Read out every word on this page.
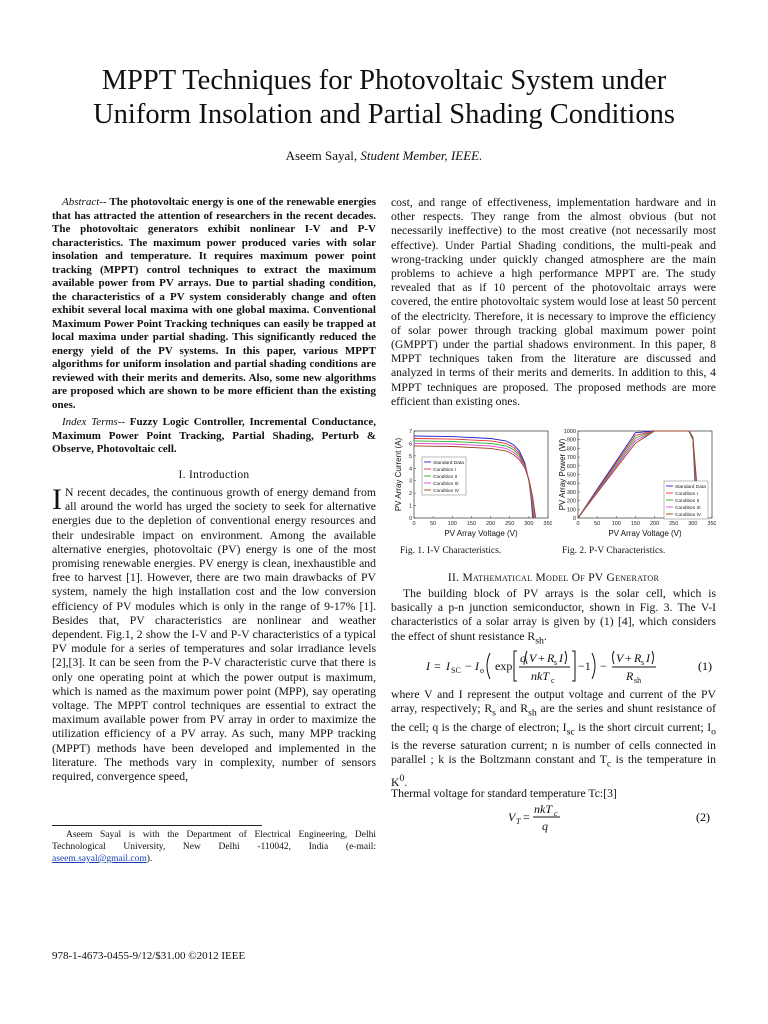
MPPT Techniques for Photovoltaic System under
Uniform Insolation and Partial Shading Conditions
Aseem Sayal, Student Member, IEEE.
Abstract-- The photovoltaic energy is one of the renewable energies that has attracted the attention of researchers in the recent decades. The photovoltaic generators exhibit nonlinear I-V and P-V characteristics. The maximum power produced varies with solar insolation and temperature. It requires maximum power point tracking (MPPT) control techniques to extract the maximum available power from PV arrays. Due to partial shading condition, the characteristics of a PV system considerably change and often exhibit several local maxima with one global maxima. Conventional Maximum Power Point Tracking techniques can easily be trapped at local maxima under partial shading. This significantly reduced the energy yield of the PV systems. In this paper, various MPPT algorithms for uniform insolation and partial shading conditions are reviewed with their merits and demerits. Also, some new algorithms are proposed which are shown to be more efficient than the existing ones.
Index Terms-- Fuzzy Logic Controller, Incremental Conductance, Maximum Power Point Tracking, Partial Shading, Perturb & Observe, Photovoltaic cell.
I. Introduction
I N recent decades, the continuous growth of energy demand from all around the world has urged the society to seek for alternative energies due to the depletion of conventional energy resources and their undesirable impact on environment. Among the available alternative energies, photovoltaic (PV) energy is one of the most promising renewable energies. PV energy is clean, inexhaustible and free to harvest [1]. However, there are two main drawbacks of PV system, namely the high installation cost and the low conversion efficiency of PV modules which is only in the range of 9-17% [1]. Besides that, PV characteristics are nonlinear and weather dependent. Fig.1, 2 show the I-V and P-V characteristics of a typical PV module for a series of temperatures and solar irradiance levels [2],[3]. It can be seen from the P-V characteristic curve that there is only one operating point at which the power output is maximum, which is named as the maximum power point (MPP), say operating voltage. The MPPT control techniques are essential to extract the maximum available power from PV array in order to maximize the utilization efficiency of a PV array. As such, many MPP tracking (MPPT) methods have been developed and implemented in the literature. The methods vary in complexity, number of sensors required, convergence speed,
cost, and range of effectiveness, implementation hardware and in other respects. They range from the almost obvious (but not necessarily ineffective) to the most creative (not necessarily most effective). Under Partial Shading conditions, the multi-peak and wrong-tracking under quickly changed atmosphere are the main problems to achieve a high performance MPPT are. The study revealed that as if 10 percent of the photovoltaic arrays were covered, the entire photovoltaic system would lose at least 50 percent of the electricity. Therefore, it is necessary to improve the efficiency of solar power through tracking global maximum power point (GMPPT) under the partial shadows environment. In this paper, 8 MPPT techniques taken from the literature are discussed and analyzed in terms of their merits and demerits. In addition to this, 4 MPPT techniques are proposed. The proposed methods are more efficient than existing ones.
0	50 100 150 200 250 300 350
0
1
2
3
4
5
6
7
Standard Data
Condition I
Condition II
Condition III
Condition IV
PV Array Voltage (V)
PV Array Current (A)
0	50 100 150 200 250 300 350
0
100
200
300
400
500
600
700
800
900
1000
Standard Data
Condition I
Condition II
Condition III
Condition IV
PV Array Voltage (V)
PV Array Power (W)
Fig. 1. I-V Characteristics.	Fig. 2. P-V Characteristics.
II. Mathematical Model Of PV Generator
The building block of PV arrays is the solar cell, which is basically a p-n junction semiconductor, shown in Fig. 3. The V-I characteristics of a solar array is given by (1) [4], which considers the effect of shunt resistance $R_{sh}$.
I = I SC − I o exp
q V + R s I
nkT c
−1 −
V + R s I
R sh
(1)
where V and I represent the output voltage and current of the PV array, respectively; $R_s$ and $R_{sh}$ are the series and shunt resistance of the cell; q is the charge of electron; $I_{sc}$ is the short circuit current; $I_o$ is the reverse saturation current; n is number of cells connected in parallel ; k is the Boltzmann constant and $T_c$ is the temperature in $K^0$.
Thermal voltage for standard temperature Tc:[3]
V T =
nkT c
q
(2)
Aseem Sayal is with the Department of Electrical Engineering, Delhi Technological University, New Delhi -110042, India (e-mail: aseem.sayal@gmail.com).
978-1-4673-0455-9/12/$31.00 ©2012 IEEE
